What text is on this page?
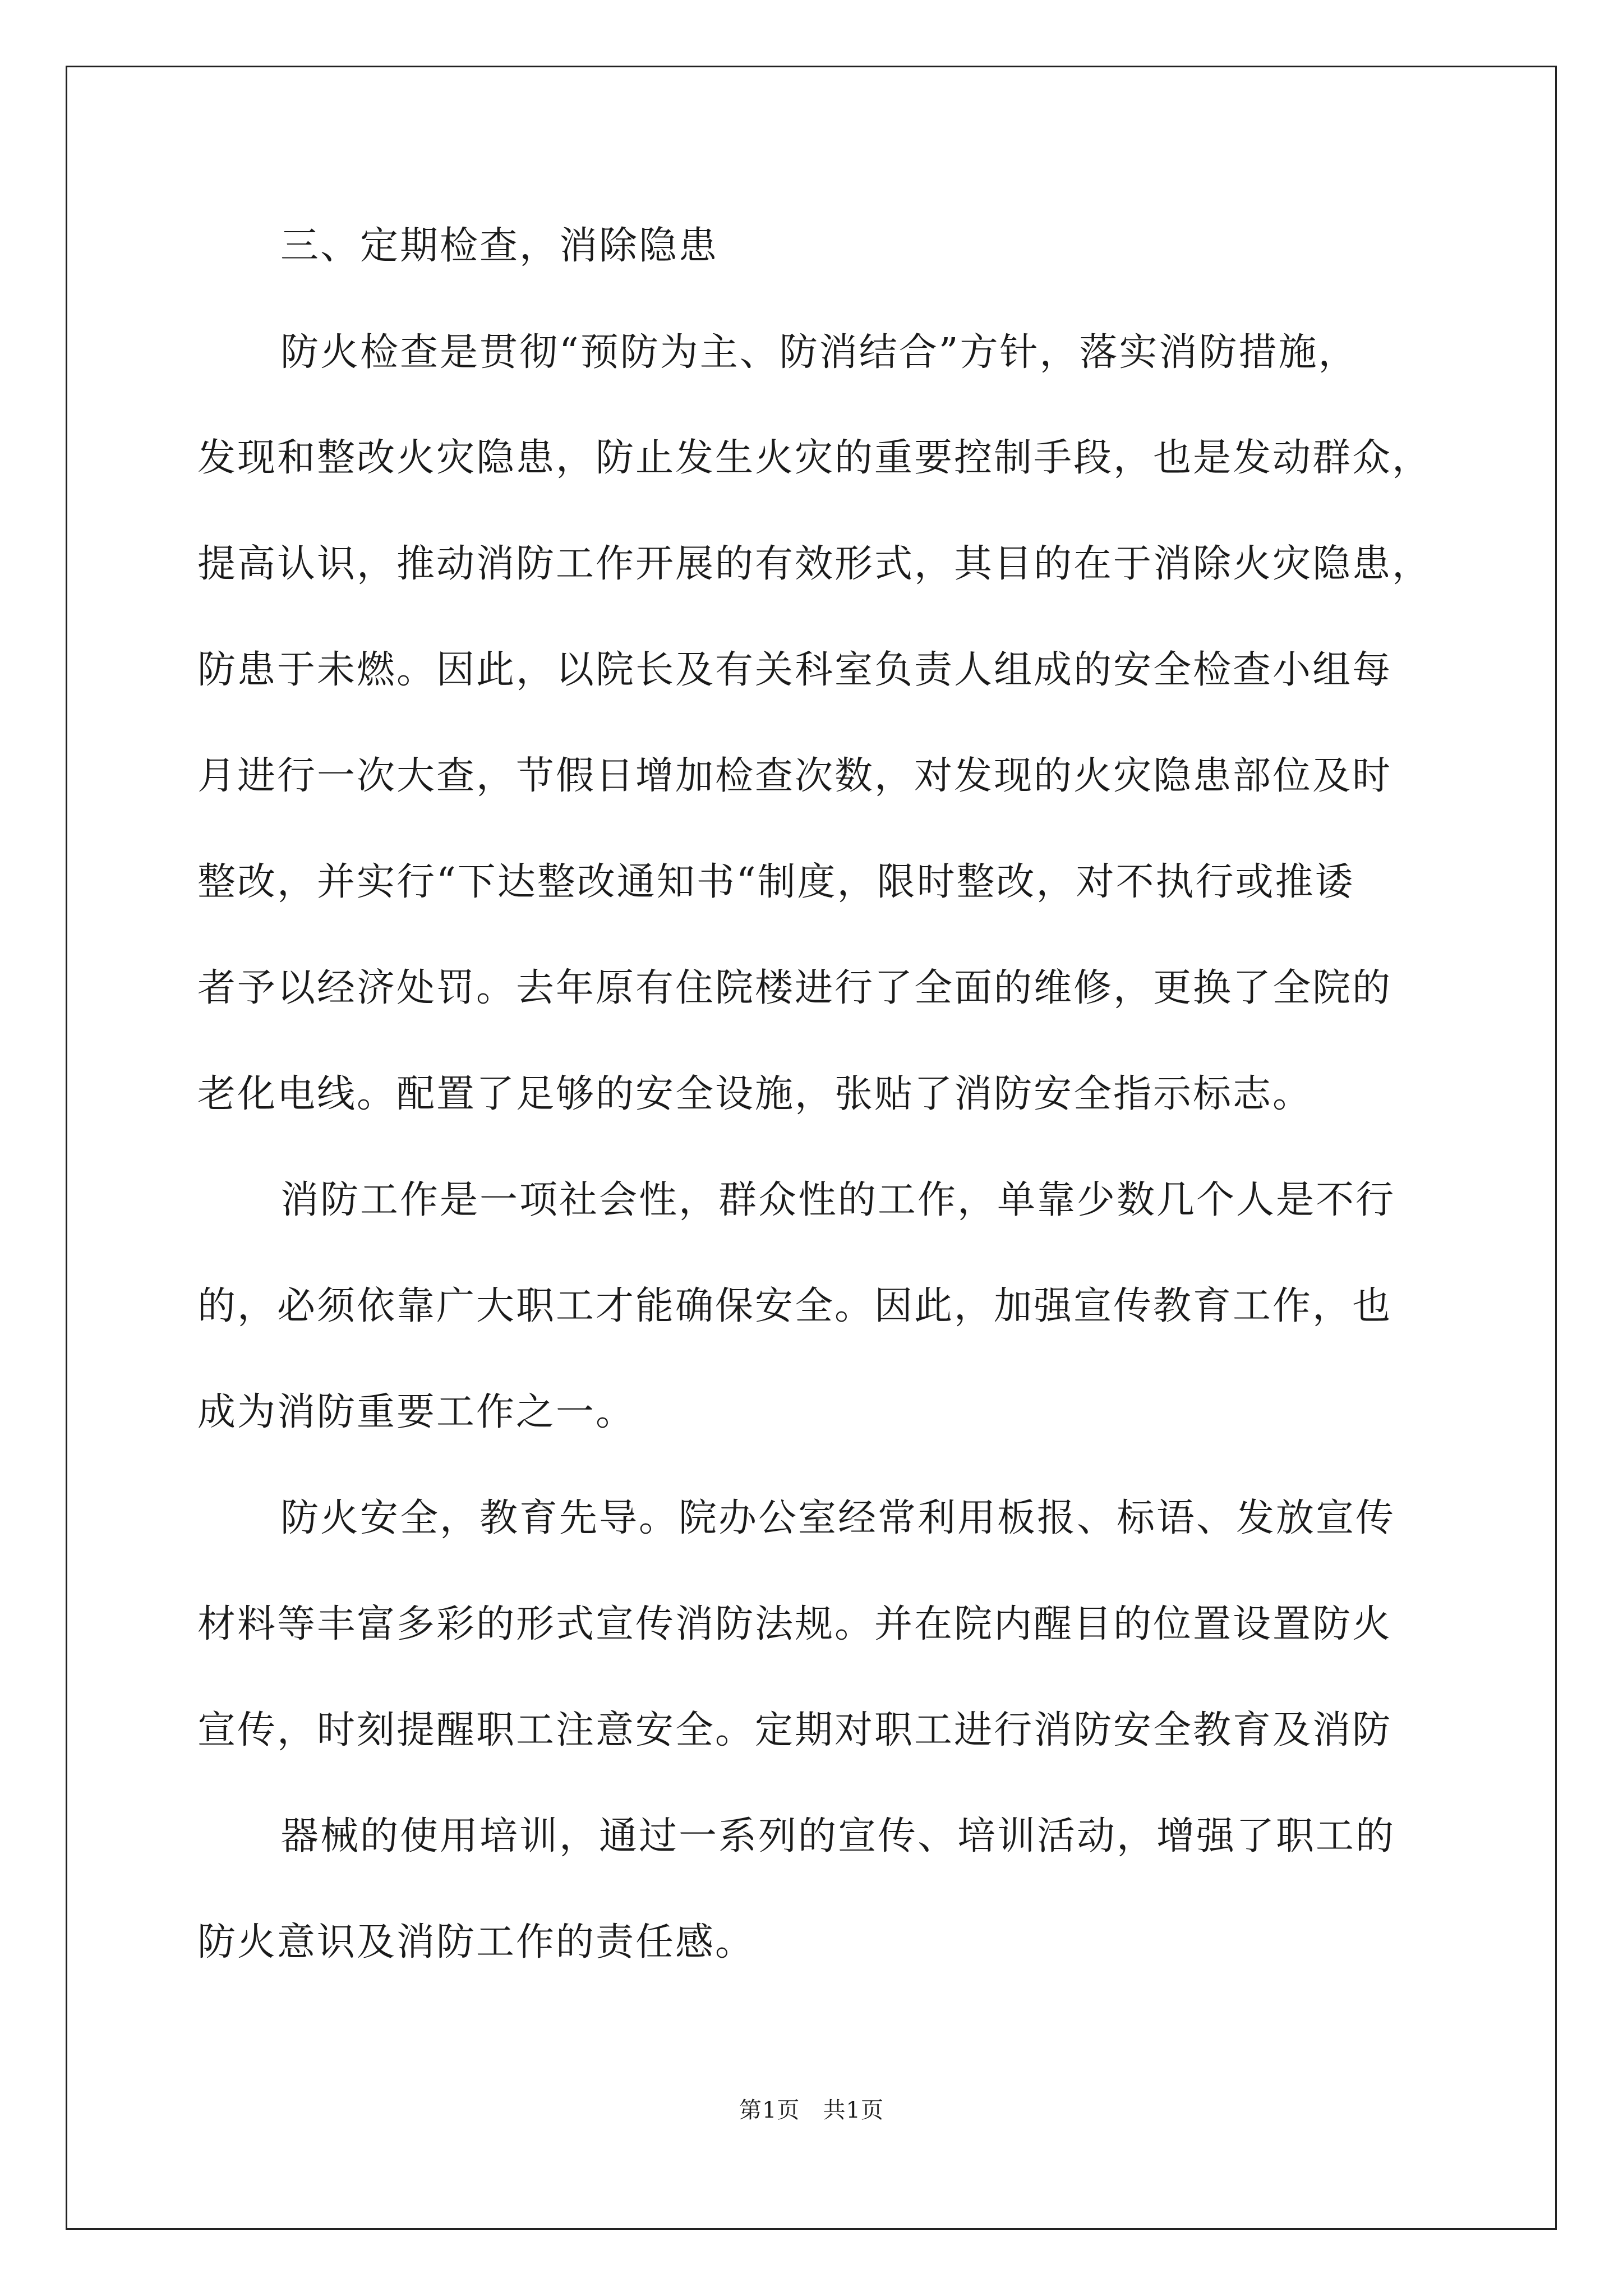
三、定期检查，消除隐患
防火检查是贯彻“预防为主、防消结合”方针，落实消防措施，
发现和整改火灾隐患，防止发生火灾的重要控制手段，也是发动群众，
提高认识，推动消防工作开展的有效形式，其目的在于消除火灾隐患，
防患于未燃。因此，以院长及有关科室负责人组成的安全检查小组每
月进行一次大查，节假日增加检查次数，对发现的火灾隐患部位及时
整改，并实行“下达整改通知书“制度，限时整改，对不执行或推诿
者予以经济处罚。去年原有住院楼进行了全面的维修，更换了全院的
老化电线。配置了足够的安全设施，张贴了消防安全指示标志。
消防工作是一项社会性，群众性的工作，单靠少数几个人是不行
的，必须依靠广大职工才能确保安全。因此，加强宣传教育工作，也
成为消防重要工作之一。
防火安全，教育先导。院办公室经常利用板报、标语、发放宣传
材料等丰富多彩的形式宣传消防法规。并在院内醒目的位置设置防火
宣传，时刻提醒职工注意安全。定期对职工进行消防安全教育及消防
器械的使用培训，通过一系列的宣传、培训活动，增强了职工的
防火意识及消防工作的责任感。
第1页   共1页
